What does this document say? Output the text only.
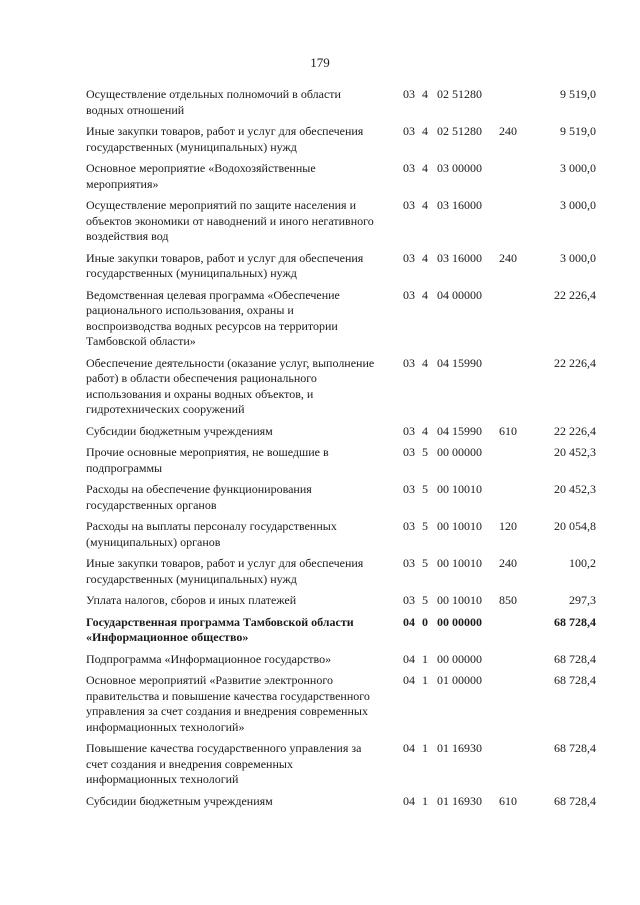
179
Осуществление отдельных полномочий в области водных отношений
03 4 02 51280	9 519,0
Иные закупки товаров, работ и услуг для обеспечения государственных (муниципальных) нужд
03 4 02 51280 240	9 519,0
Основное мероприятие «Водохозяйственные мероприятия»
03 4 03 00000	3 000,0
Осуществление мероприятий по защите населения и объектов экономики от наводнений и иного негативного воздействия вод
03 4 03 16000	3 000,0
Иные закупки товаров, работ и услуг для обеспечения государственных (муниципальных) нужд
03 4 03 16000 240	3 000,0
Ведомственная целевая программа «Обеспечение рационального использования, охраны и воспроизводства водных ресурсов на территории Тамбовской области»
03 4 04 00000	22 226,4
Обеспечение деятельности (оказание услуг, выполнение работ) в области обеспечения рационального использования и охраны водных объектов, и гидротехнических сооружений
03 4 04 15990	22 226,4
Субсидии бюджетным учреждениям	03 4 04 15990 610	22 226,4
Прочие основные мероприятия, не вошедшие в подпрограммы
03 5 00 00000	20 452,3
Расходы на обеспечение функционирования государственных органов
03 5 00 10010	20 452,3
Расходы на выплаты персоналу государственных (муниципальных) органов
03 5 00 10010 120	20 054,8
Иные закупки товаров, работ и услуг для обеспечения государственных (муниципальных) нужд
03 5 00 10010 240	100,2
Уплата налогов, сборов и иных платежей	03 5 00 10010 850	297,3
Государственная программа Тамбовской области «Информационное общество»
04 0 00 00000	68 728,4
Подпрограмма «Информационное государство»	04 1 00 00000	68 728,4
Основное мероприятий «Развитие электронного правительства и повышение качества государственного управления за счет создания и внедрения современных информационных технологий»
04 1 01 00000	68 728,4
Повышение качества государственного управления за счет создания и внедрения современных информационных технологий
04 1 01 16930	68 728,4
Субсидии бюджетным учреждениям	04 1 01 16930 610	68 728,4
